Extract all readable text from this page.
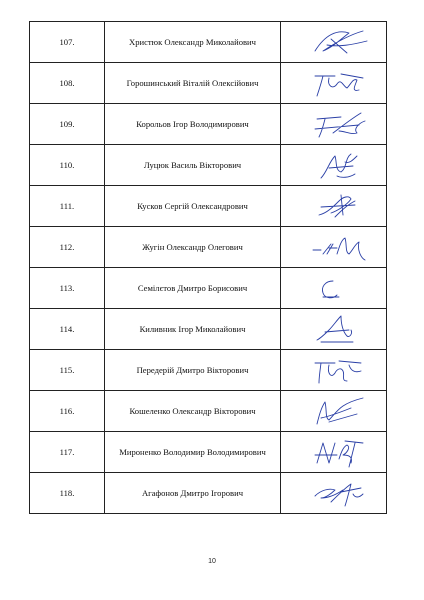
107.	Христюк Олександр Миколайович	

108.	Горошинський Віталій Олексійович	

109.	Корольов Ігор Володимирович	

110.	Луцюк Василь Вікторович	

111.	Кусков Сергій Олександрович	

112.	Жугін Олександр Олегович	

113.	Семілєтов Дмитро Борисович	

114.	Киливник Ігор Миколайович	

115.	Передерій Дмитро Вікторович	

116.	Кошеленко Олександр Вікторович	

117.	Мироненко Володимир Володимирович	

118.	Агафонов Дмитро Ігорович	
10
